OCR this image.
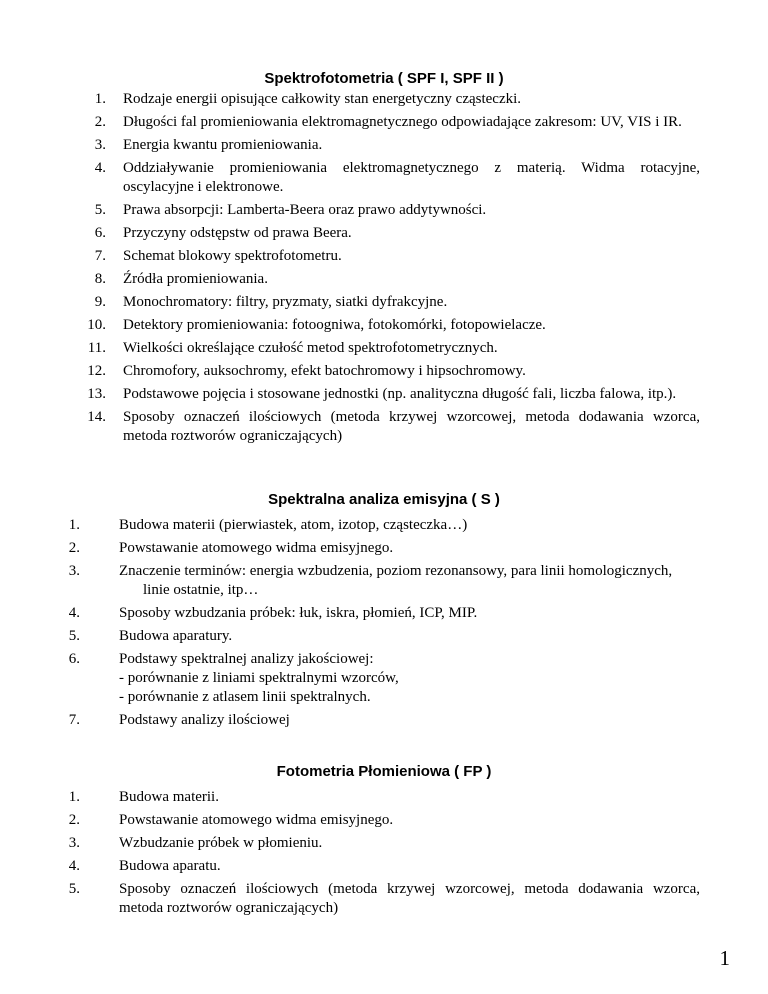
Spektrofotometria ( SPF I, SPF II )
1. Rodzaje energii opisujące całkowity stan energetyczny cząsteczki.
2. Długości fal promieniowania elektromagnetycznego odpowiadające zakresom: UV, VIS i IR.
3. Energia kwantu promieniowania.
4. Oddziaływanie promieniowania elektromagnetycznego z materią. Widma rotacyjne, oscylacyjne i elektronowe.
5. Prawa absorpcji: Lamberta-Beera oraz prawo addytywności.
6. Przyczyny odstępstw od prawa Beera.
7. Schemat blokowy spektrofotometru.
8. Źródła promieniowania.
9. Monochromatory: filtry, pryzmaty, siatki dyfrakcyjne.
10. Detektory promieniowania: fotoogniwa, fotokomórki, fotopowielacze.
11. Wielkości określające czułość metod spektrofotometrycznych.
12. Chromofory, auksochromy, efekt batochromowy i hipsochromowy.
13. Podstawowe pojęcia i stosowane jednostki (np. analityczna długość fali, liczba falowa, itp.).
14. Sposoby oznaczeń ilościowych (metoda krzywej wzorcowej, metoda dodawania wzorca, metoda roztworów ograniczających)
Spektralna analiza emisyjna ( S )
1.	Budowa materii (pierwiastek, atom, izotop, cząsteczka…)
2.	Powstawanie atomowego widma emisyjnego.
3.	Znaczenie terminów: energia wzbudzenia, poziom rezonansowy, para linii homologicznych,
linie ostatnie, itp…
4.	Sposoby wzbudzania próbek: łuk, iskra, płomień, ICP, MIP.
5.	Budowa aparatury.
6.	Podstawy spektralnej analizy jakościowej:
- porównanie z liniami spektralnymi wzorców,
- porównanie z atlasem linii spektralnych.
7.	Podstawy analizy ilościowej
Fotometria Płomieniowa ( FP )
1.	Budowa materii.
2.	Powstawanie atomowego widma emisyjnego.
3.	Wzbudzanie próbek w płomieniu.
4.	Budowa aparatu.
5.	Sposoby oznaczeń ilościowych (metoda krzywej wzorcowej, metoda dodawania wzorca, metoda roztworów ograniczających)
1
